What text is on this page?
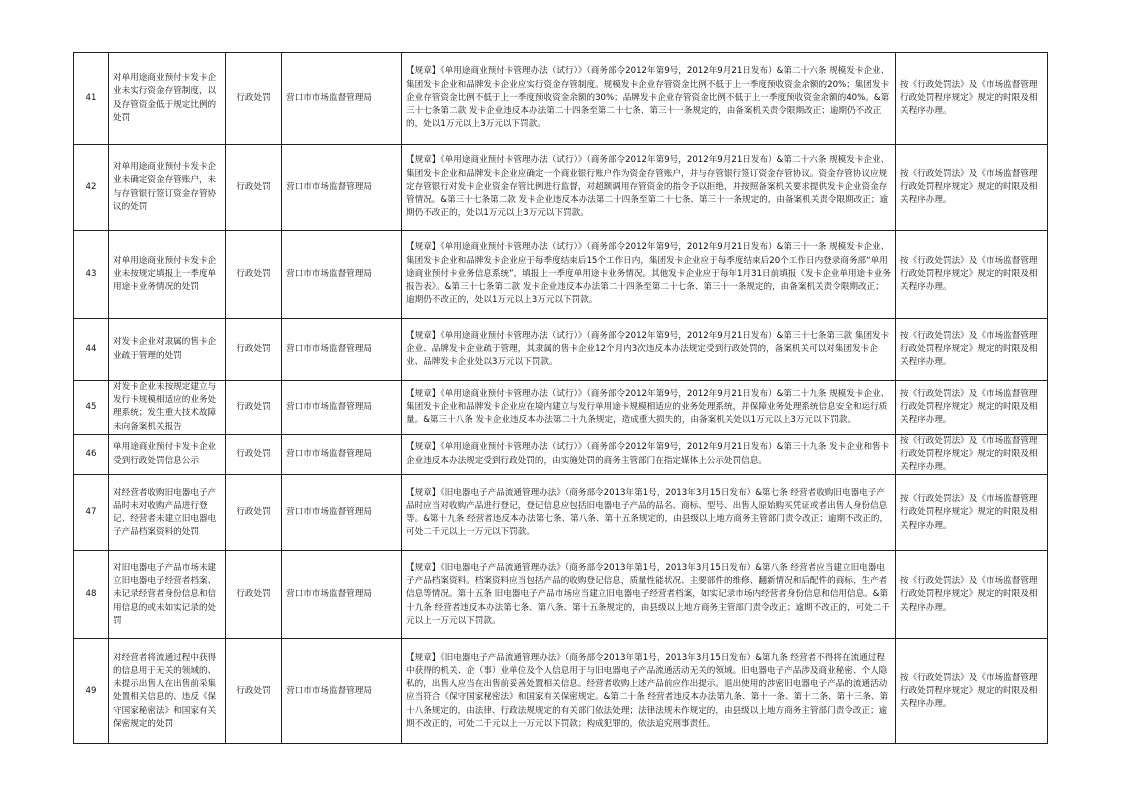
41	对单用途商业预付卡发卡企业未实行资金存管制度，以及存管资金低于规定比例的处罚	行政处罚	营口市市场监督管理局	【规章】《单用途商业预付卡管理办法（试行）》（商务部令2012年第9号，2012年9月21日发布）&第二十六条 规模发卡企业、集团发卡企业和品牌发卡企业应实行资金存管制度。规模发卡企业存管资金比例不低于上一季度预收资金余额的20%；集团发卡企业存管资金比例不低于上一季度预收资金余额的30%；品牌发卡企业存管资金比例不低于上一季度预收资金余额的40%。&第三十七条第二款 发卡企业违反本办法第二十四条至第二十七条、第三十一条规定的，由备案机关责令限期改正；逾期仍不改正的，处以1万元以上3万元以下罚款。	按《行政处罚法》及《市场监督管理行政处罚程序规定》规定的时限及相关程序办理。
42	对单用途商业预付卡发卡企业未确定资金存管账户，未与存管银行签订资金存管协议的处罚	行政处罚	营口市市场监督管理局	【规章】《单用途商业预付卡管理办法（试行）》（商务部令2012年第9号，2012年9月21日发布）&第二十六条 规模发卡企业、集团发卡企业和品牌发卡企业应确定一个商业银行账户作为资金存管账户，并与存管银行签订资金存管协议。资金存管协议应规定存管银行对发卡企业资金存管比例进行监督，对超额调用存管资金的指令予以拒绝，并按照备案机关要求提供发卡企业资金存管情况。&第三十七条第二款 发卡企业违反本办法第二十四条至第二十七条、第三十一条规定的，由备案机关责令限期改正；逾期仍不改正的，处以1万元以上3万元以下罚款。	按《行政处罚法》及《市场监督管理行政处罚程序规定》规定的时限及相关程序办理。
43	对单用途商业预付卡发卡企业未按规定填报上一季度单用途卡业务情况的处罚	行政处罚	营口市市场监督管理局	【规章】《单用途商业预付卡管理办法（试行）》（商务部令2012年第9号，2012年9月21日发布）&第三十一条 规模发卡企业、集团发卡企业和品牌发卡企业应于每季度结束后15个工作日内，集团发卡企业应于每季度结束后20个工作日内登录商务部“单用途商业预付卡业务信息系统”，填报上一季度单用途卡业务情况。其他发卡企业应于每年1月31日前填报《发卡企业单用途卡业务报告表》。&第三十七条第二款 发卡企业违反本办法第二十四条至第二十七条、第三十一条规定的，由备案机关责令限期改正；逾期仍不改正的，处以1万元以上3万元以下罚款。	按《行政处罚法》及《市场监督管理行政处罚程序规定》规定的时限及相关程序办理。
44	对发卡企业对隶属的售卡企业疏于管理的处罚	行政处罚	营口市市场监督管理局	【规章】《单用途商业预付卡管理办法（试行）》（商务部令2012年第9号，2012年9月21日发布）&第三十七条第三款 集团发卡企业、品牌发卡企业疏于管理，其隶属的售卡企业12个月内3次违反本办法规定受到行政处罚的，备案机关可以对集团发卡企业、品牌发卡企业处以3万元以下罚款。	按《行政处罚法》及《市场监督管理行政处罚程序规定》规定的时限及相关程序办理。
45	对发卡企业未按规定建立与发行卡规模相适应的业务处理系统；发生重大技术故障未向备案机关报告	行政处罚	营口市市场监督管理局	【规章】《单用途商业预付卡管理办法（试行）》（商务部令2012年第9号，2012年9月21日发布）&第二十九条 规模发卡企业、集团发卡企业和品牌发卡企业应在境内建立与发行单用途卡规模相适应的业务处理系统，并保障业务处理系统信息安全和运行质量。&第三十八条 发卡企业违反本办法第二十九条规定，造成重大损失的，由备案机关处以1万元以上3万元以下罚款。	按《行政处罚法》及《市场监督管理行政处罚程序规定》规定的时限及相关程序办理。
46	单用途商业预付卡发卡企业受到行政处罚信息公示	行政处罚	营口市市场监督管理局	【规章】《单用途商业预付卡管理办法（试行）》（商务部令2012年第9号，2012年9月21日发布）&第三十九条 发卡企业和售卡企业违反本办法规定受到行政处罚的，由实施处罚的商务主管部门在指定媒体上公示处罚信息。	按《行政处罚法》及《市场监督管理行政处罚程序规定》规定的时限及相关程序办理。
47	对经营者收购旧电器电子产品时未对收购产品进行登记、经营者未建立旧电器电子产品档案资料的处罚	行政处罚	营口市市场监督管理局	【规章】《旧电器电子产品流通管理办法》（商务部令2013年第1号，2013年3月15日发布）&第七条 经营者收购旧电器电子产品时应当对收购产品进行登记，登记信息应包括旧电器电子产品的品名、商标、型号、出售人原始购买凭证或者出售人身份信息等。&第十九条 经营者违反本办法第七条、第八条、第十五条规定的，由县级以上地方商务主管部门责令改正；逾期不改正的，可处二千元以上一万元以下罚款。	按《行政处罚法》及《市场监督管理行政处罚程序规定》规定的时限及相关程序办理。
48	对旧电器电子产品市场未建立旧电器电子经营者档案、未记录经营者身份信息和信用信息的或未如实记录的处罚	行政处罚	营口市市场监督管理局	【规章】《旧电器电子产品流通管理办法》（商务部令2013年第1号，2013年3月15日发布）&第八条 经营者应当建立旧电器电子产品档案资料。档案资料应当包括产品的收购登记信息，质量性能状况、主要部件的维修、翻新情况和后配件的商标、生产者信息等情况。第十五条 旧电器电子产品市场应当建立旧电器电子经营者档案，如实记录市场内经营者身份信息和信用信息。&第十九条 经营者违反本办法第七条、第八条、第十五条规定的，由县级以上地方商务主管部门责令改正；逾期不改正的，可处二千元以上一万元以下罚款。	按《行政处罚法》及《市场监督管理行政处罚程序规定》规定的时限及相关程序办理。
49	对经营者将流通过程中获得的信息用于无关的领域的、未提示出售人在出售前采集处置相关信息的、违反《保守国家秘密法》和国家有关保密规定的处罚	行政处罚	营口市市场监督管理局	【规章】《旧电器电子产品流通管理办法》（商务部令2013年第1号，2013年3月15日发布）&第九条 经营者不得将在流通过程中获得的机关、企（事）业单位及个人信息用于与旧电器电子产品流通活动无关的领域。旧电器电子产品涉及商业秘密、个人隐私的，出售人应当在出售前妥善处置相关信息。经营者收购上述产品前应作出提示。退出使用的涉密旧电器电子产品的流通活动应当符合《保守国家秘密法》和国家有关保密规定。&第二十条 经营者违反本办法第九条、第十一条、第十二条、第十三条、第十八条规定的，由法律、行政法规规定的有关部门依法处理；法律法规未作规定的，由县级以上地方商务主管部门责令改正；逾期不改正的，可处二千元以上一万元以下罚款；构成犯罪的，依法追究刑事责任。	按《行政处罚法》及《市场监督管理行政处罚程序规定》规定的时限及相关程序办理。
